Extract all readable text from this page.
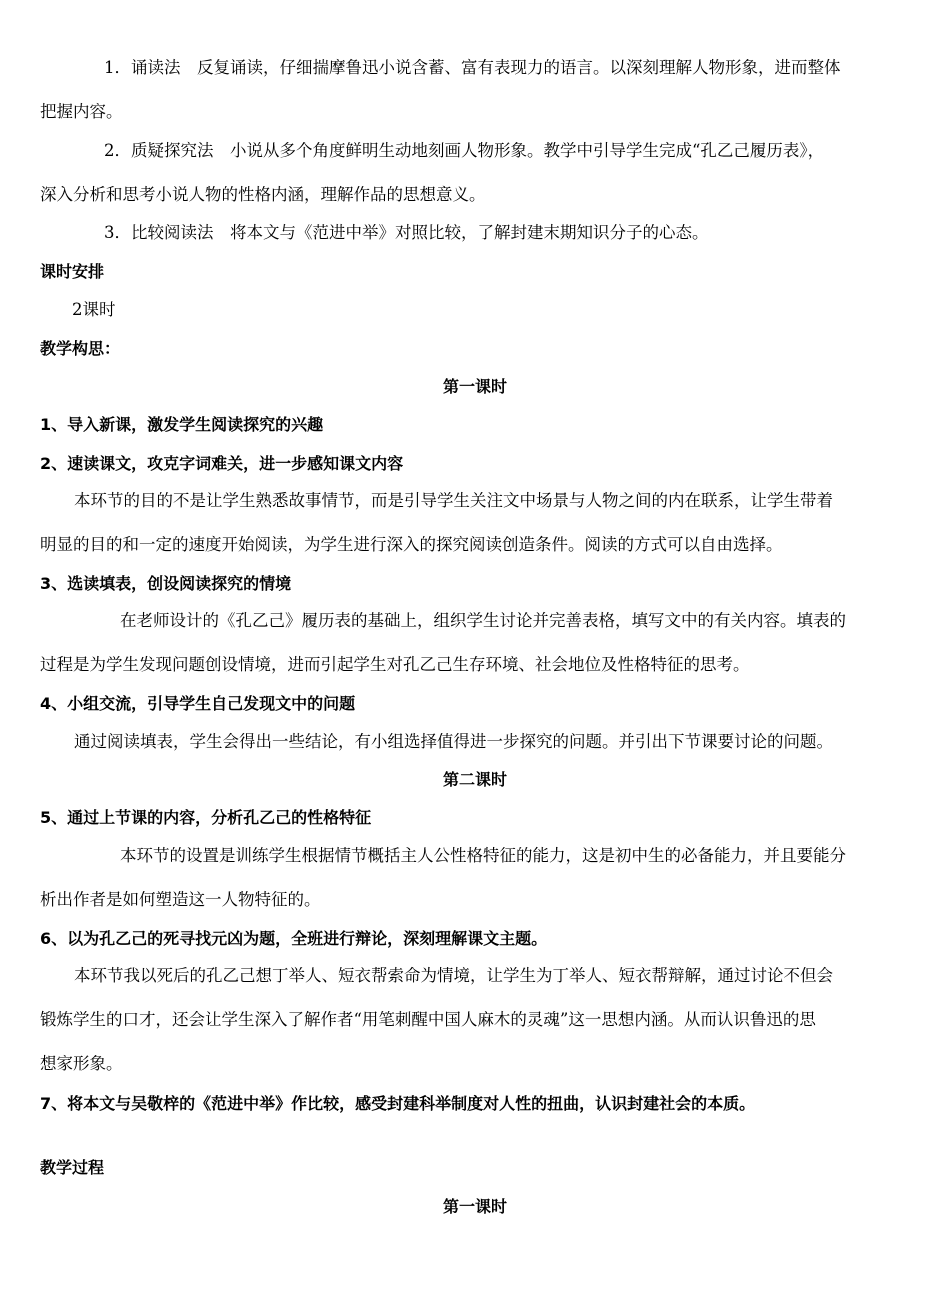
1．诵读法　反复诵读，仔细揣摩鲁迅小说含蓄、富有表现力的语言。以深刻理解人物形象，进而整体
把握内容。
2．质疑探究法　小说从多个角度鲜明生动地刻画人物形象。教学中引导学生完成“孔乙己履历表》，
深入分析和思考小说人物的性格内涵，理解作品的思想意义。
3．比较阅读法　将本文与《范进中举》对照比较，了解封建末期知识分子的心态。
课时安排
2课时
教学构思：
第一课时
1、导入新课，激发学生阅读探究的兴趣
2、速读课文，攻克字词难关，进一步感知课文内容
本环节的目的不是让学生熟悉故事情节，而是引导学生关注文中场景与人物之间的内在联系，让学生带着
明显的目的和一定的速度开始阅读，为学生进行深入的探究阅读创造条件。阅读的方式可以自由选择。
3、选读填表，创设阅读探究的情境
在老师设计的《孔乙己》履历表的基础上，组织学生讨论并完善表格，填写文中的有关内容。填表的
过程是为学生发现问题创设情境，进而引起学生对孔乙己生存环境、社会地位及性格特征的思考。
4、小组交流，引导学生自己发现文中的问题
通过阅读填表，学生会得出一些结论，有小组选择值得进一步探究的问题。并引出下节课要讨论的问题。
第二课时
5、通过上节课的内容，分析孔乙己的性格特征
本环节的设置是训练学生根据情节概括主人公性格特征的能力，这是初中生的必备能力，并且要能分
析出作者是如何塑造这一人物特征的。
6、以为孔乙己的死寻找元凶为题，全班进行辩论，深刻理解课文主题。
本环节我以死后的孔乙己想丁举人、短衣帮索命为情境，让学生为丁举人、短衣帮辩解，通过讨论不但会
锻炼学生的口才，还会让学生深入了解作者“用笔刺醒中国人麻木的灵魂”这一思想内涵。从而认识鲁迅的思
想家形象。
7、将本文与吴敬梓的《范进中举》作比较，感受封建科举制度对人性的扭曲，认识封建社会的本质。
教学过程
第一课时
